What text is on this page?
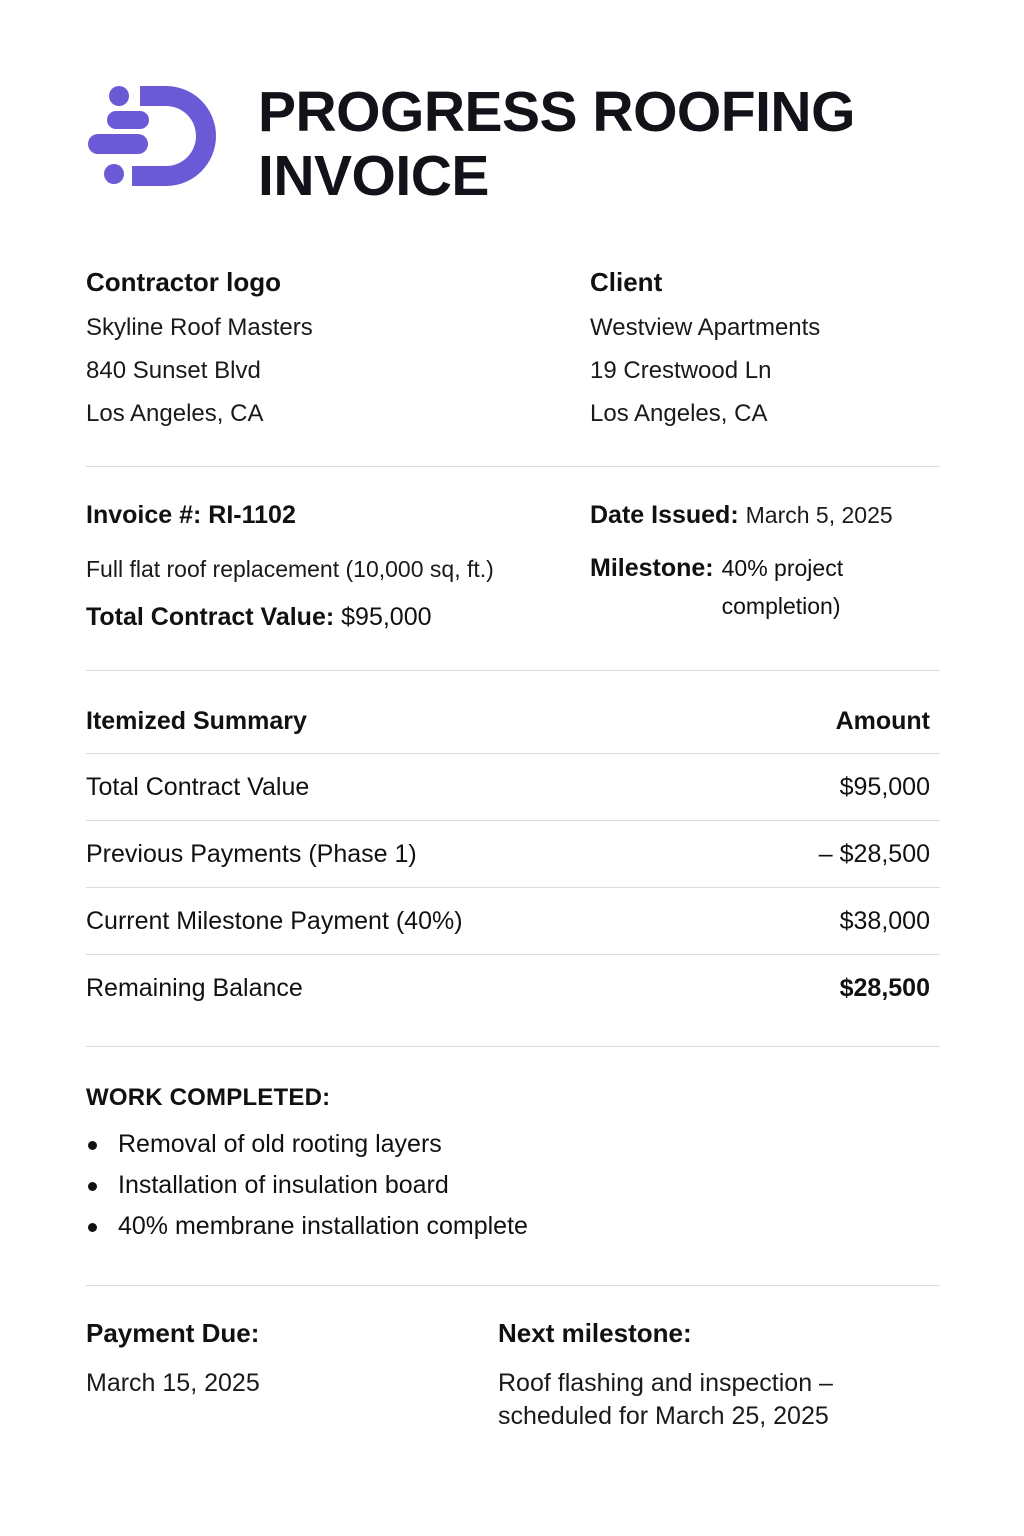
PROGRESS ROOFING
INVOICE
Contractor logo
Skyline Roof Masters
840 Sunset Blvd
Los Angeles, CA
Client
Westview Apartments
19 Crestwood Ln
Los Angeles, CA
Invoice #: RI-1102
Full flat roof replacement (10,000 sq, ft.)
Total Contract Value: $95,000
Date Issued: March 5, 2025
Milestone: 40% project completion)
Itemized Summary	Amount
Total Contract Value	$95,000
Previous Payments (Phase 1)	– $28,500
Current Milestone Payment (40%)	$38,000
Remaining Balance	$28,500
WORK COMPLETED:
Removal of old rooting layers
Installation of insulation board
40% membrane installation complete
Payment Due:
March 15, 2025
Next milestone:
Roof flashing and inspection –
scheduled for March 25, 2025
